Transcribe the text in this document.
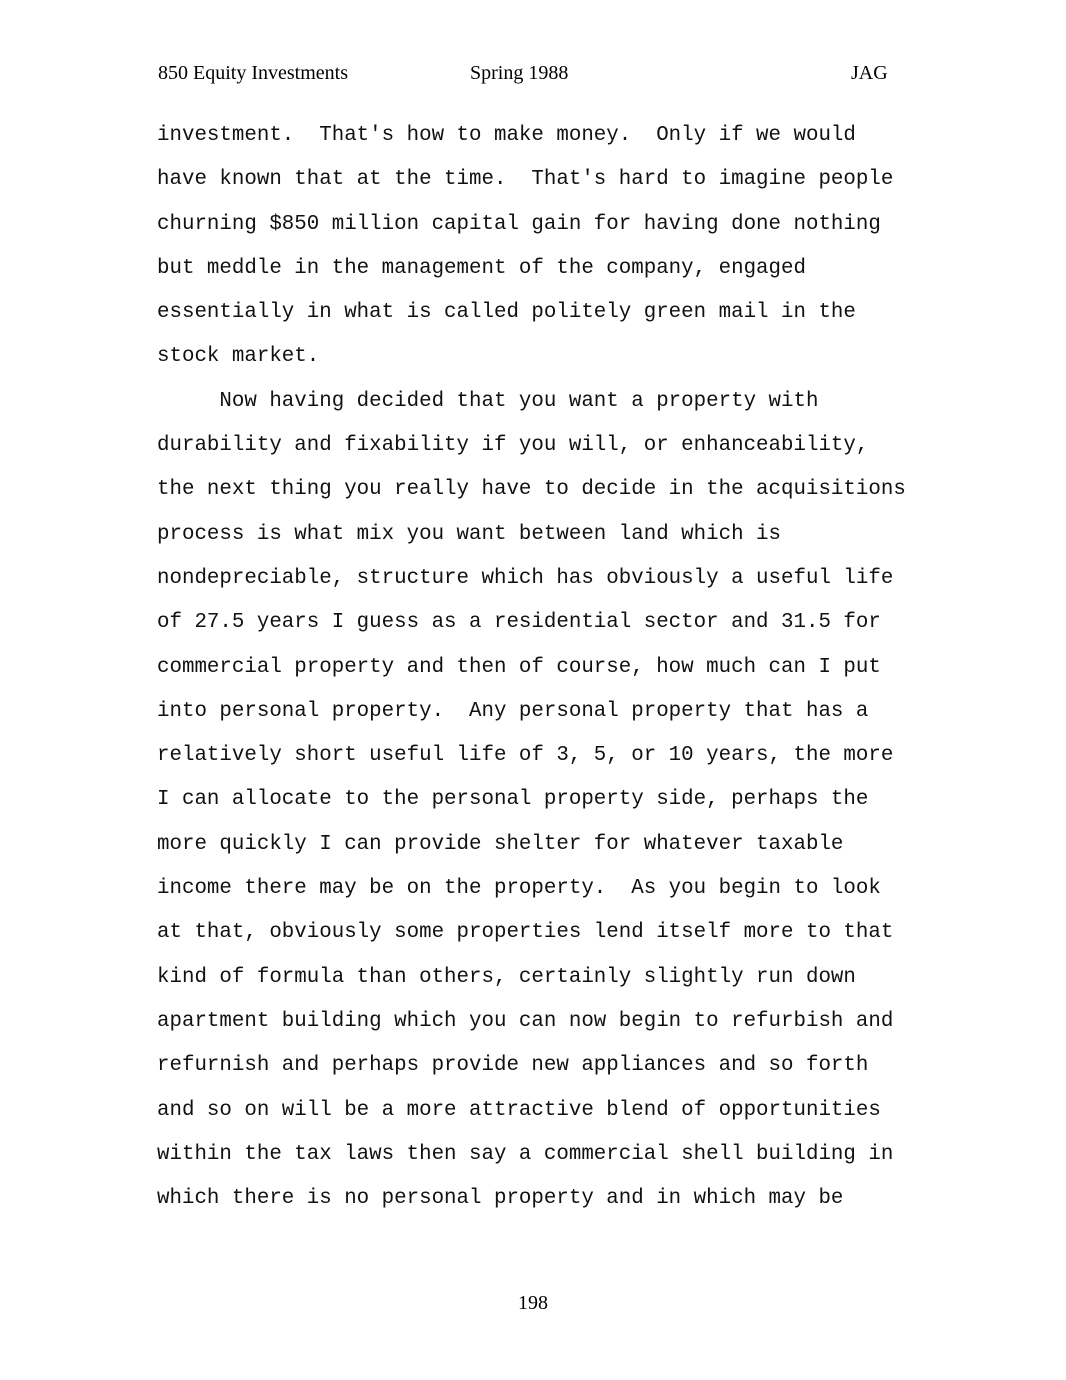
850 Equity Investments	Spring 1988	JAG
investment.  That's how to make money.  Only if we would
have known that at the time.  That's hard to imagine people
churning $850 million capital gain for having done nothing
but meddle in the management of the company, engaged
essentially in what is called politely green mail in the
stock market.
Now having decided that you want a property with
durability and fixability if you will, or enhanceability,
the next thing you really have to decide in the acquisitions
process is what mix you want between land which is
nondepreciable, structure which has obviously a useful life
of 27.5 years I guess as a residential sector and 31.5 for
commercial property and then of course, how much can I put
into personal property.  Any personal property that has a
relatively short useful life of 3, 5, or 10 years, the more
I can allocate to the personal property side, perhaps the
more quickly I can provide shelter for whatever taxable
income there may be on the property.  As you begin to look
at that, obviously some properties lend itself more to that
kind of formula than others, certainly slightly run down
apartment building which you can now begin to refurbish and
refurnish and perhaps provide new appliances and so forth
and so on will be a more attractive blend of opportunities
within the tax laws then say a commercial shell building in
which there is no personal property and in which may be
198
